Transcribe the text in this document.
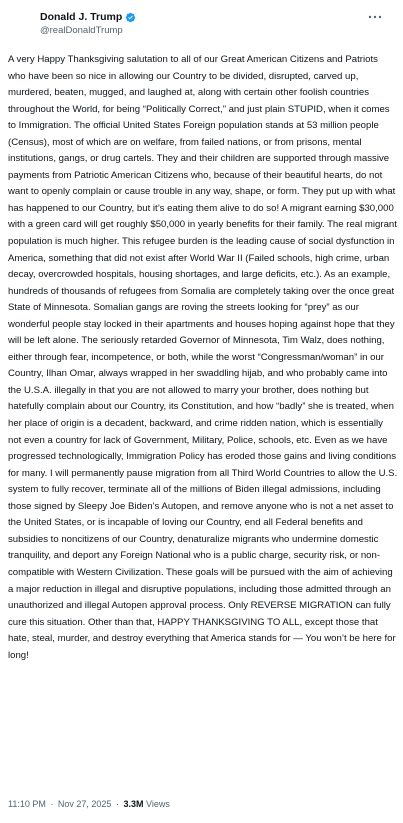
Donald J. Trump
@realDonaldTrump

A very Happy Thanksgiving salutation to all of our Great American Citizens and Patriots who have been so nice in allowing our Country to be divided, disrupted, carved up, murdered, beaten, mugged, and laughed at, along with certain other foolish countries throughout the World, for being “Politically Correct,” and just plain STUPID, when it comes to Immigration. The official United States Foreign population stands at 53 million people (Census), most of which are on welfare, from failed nations, or from prisons, mental institutions, gangs, or drug cartels. They and their children are supported through massive payments from Patriotic American Citizens who, because of their beautiful hearts, do not want to openly complain or cause trouble in any way, shape, or form. They put up with what has happened to our Country, but it’s eating them alive to do so! A migrant earning $30,000 with a green card will get roughly $50,000 in yearly benefits for their family. The real migrant population is much higher. This refugee burden is the leading cause of social dysfunction in America, something that did not exist after World War II (Failed schools, high crime, urban decay, overcrowded hospitals, housing shortages, and large deficits, etc.). As an example, hundreds of thousands of refugees from Somalia are completely taking over the once great State of Minnesota. Somalian gangs are roving the streets looking for “prey” as our wonderful people stay locked in their apartments and houses hoping against hope that they will be left alone. The seriously retarded Governor of Minnesota, Tim Walz, does nothing, either through fear, incompetence, or both, while the worst “Congressman/woman” in our Country, Ilhan Omar, always wrapped in her swaddling hijab, and who probably came into the U.S.A. illegally in that you are not allowed to marry your brother, does nothing but hatefully complain about our Country, its Constitution, and how “badly” she is treated, when her place of origin is a decadent, backward, and crime ridden nation, which is essentially not even a country for lack of Government, Military, Police, schools, etc. Even as we have progressed technologically, Immigration Policy has eroded those gains and living conditions for many. I will permanently pause migration from all Third World Countries to allow the U.S. system to fully recover, terminate all of the millions of Biden illegal admissions, including those signed by Sleepy Joe Biden’s Autopen, and remove anyone who is not a net asset to the United States, or is incapable of loving our Country, end all Federal benefits and subsidies to noncitizens of our Country, denaturalize migrants who undermine domestic tranquility, and deport any Foreign National who is a public charge, security risk, or non-compatible with Western Civilization. These goals will be pursued with the aim of achieving a major reduction in illegal and disruptive populations, including those admitted through an unauthorized and illegal Autopen approval process. Only REVERSE MIGRATION can fully cure this situation. Other than that, HAPPY THANKSGIVING TO ALL, except those that hate, steal, murder, and destroy everything that America stands for — You won’t be here for long!

11:10 PM · Nov 27, 2025 · 3.3M Views
